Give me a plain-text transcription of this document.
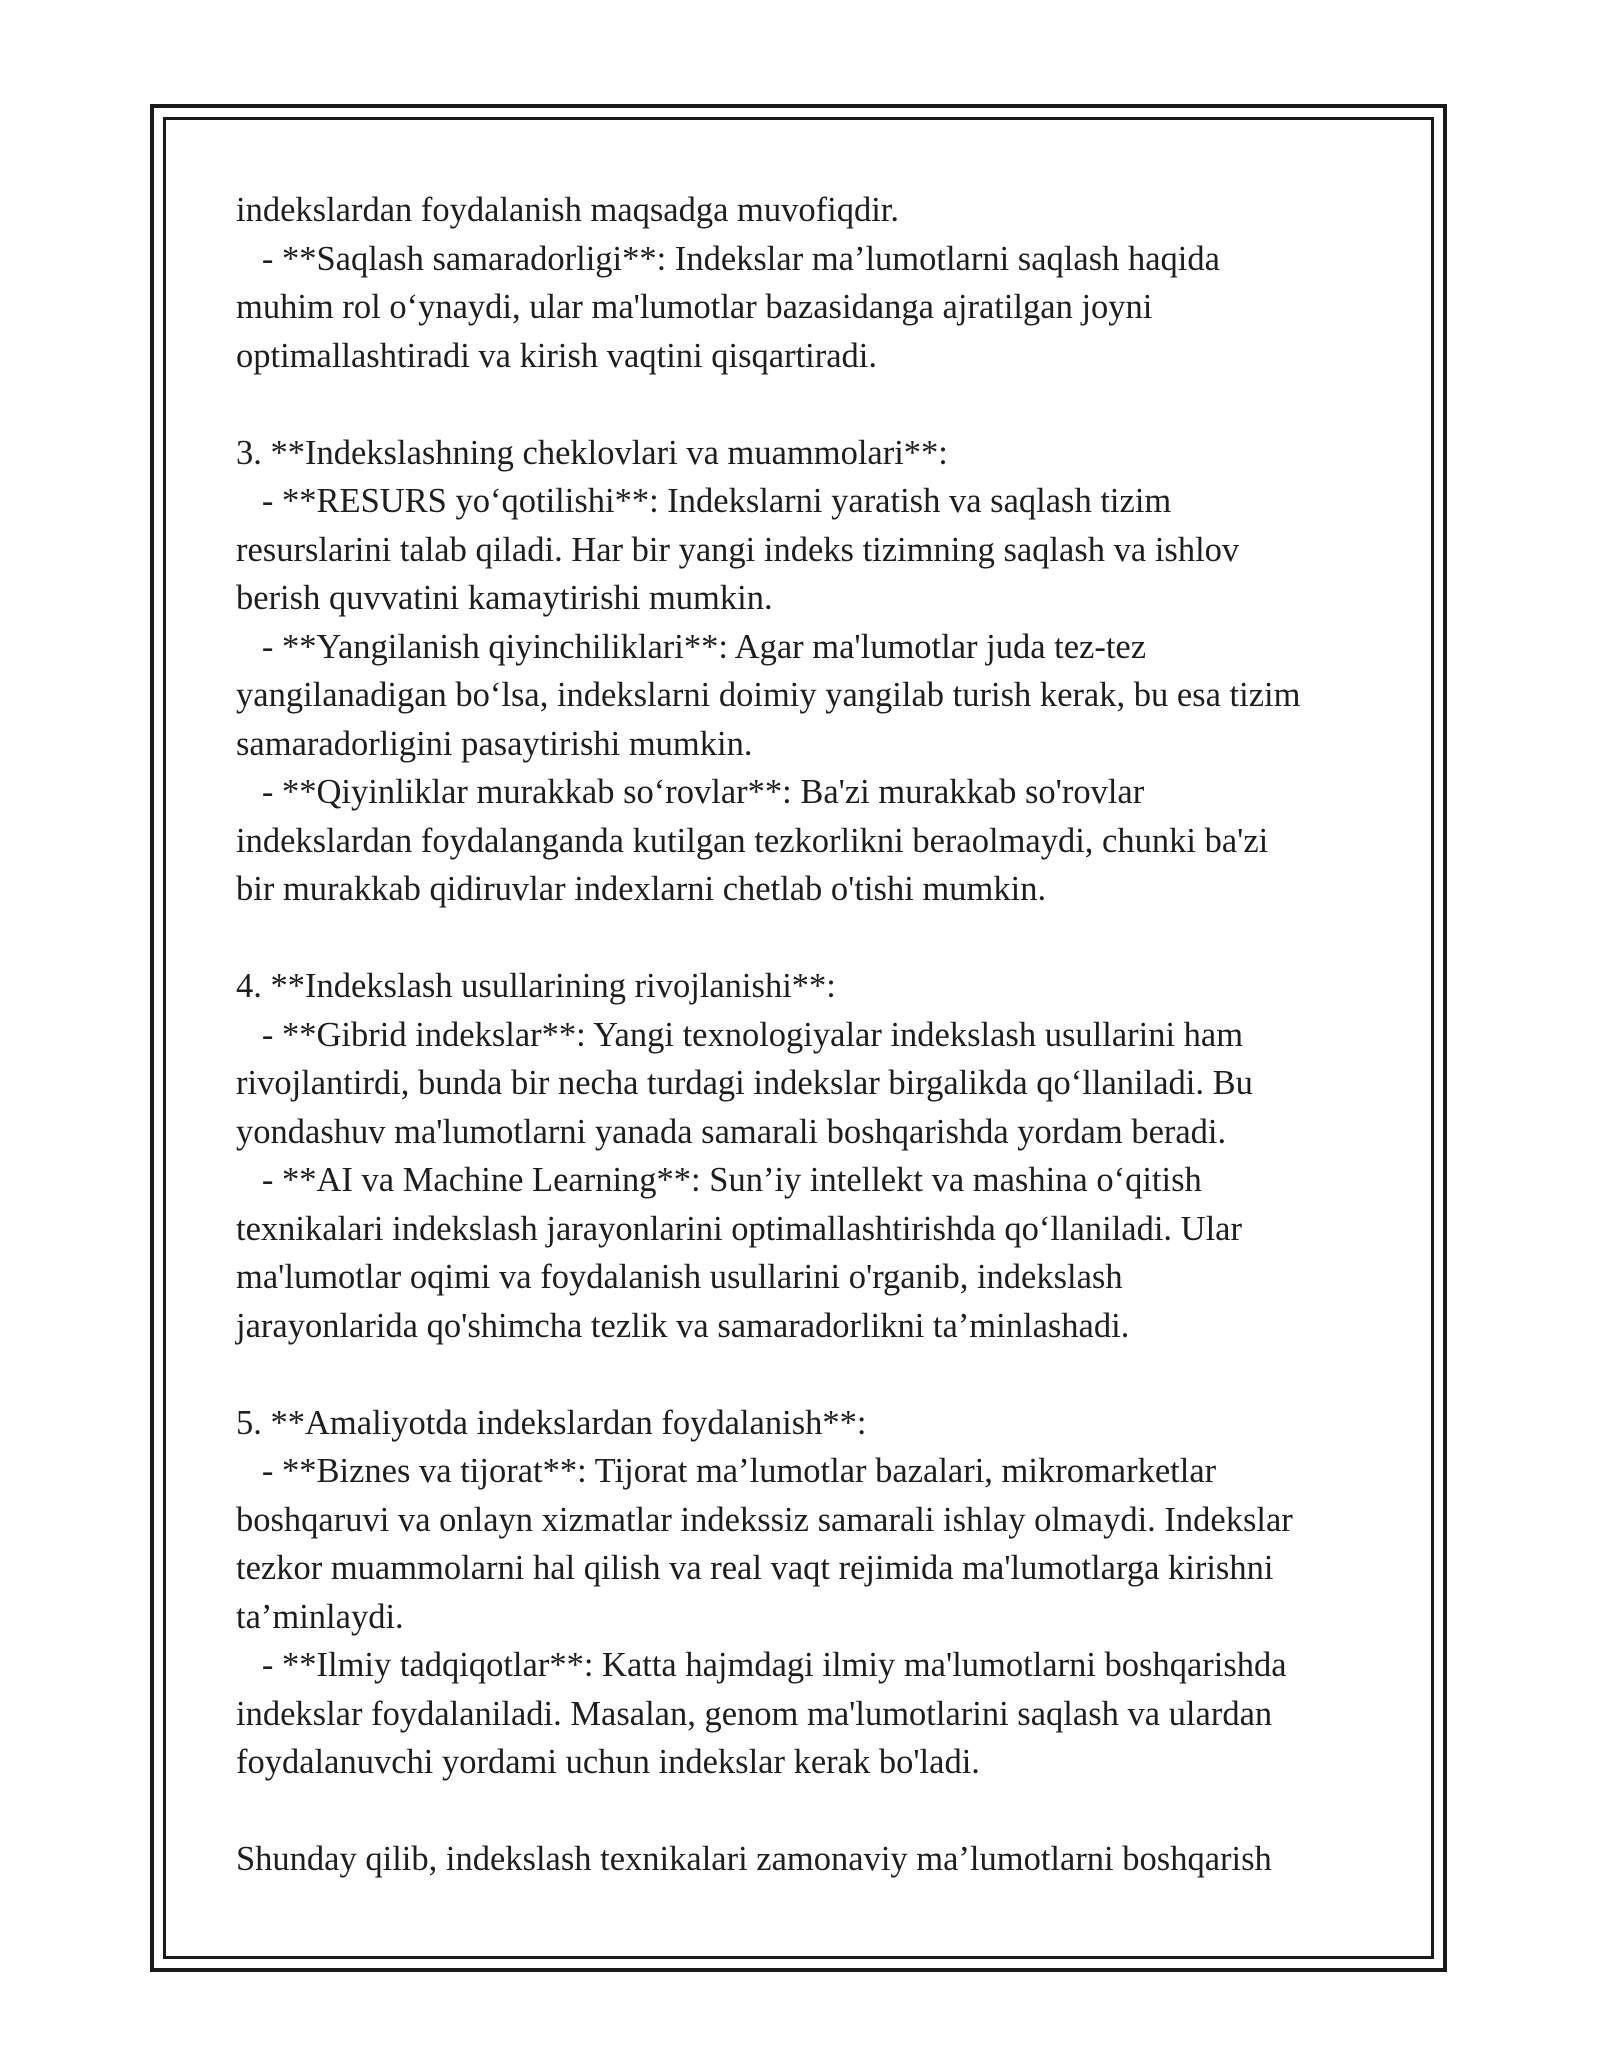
indekslardan foydalanish maqsadga muvofiqdir.
- **Saqlash samaradorligi**: Indekslar ma’lumotlarni saqlash haqida
muhim rol o‘ynaydi, ular ma'lumotlar bazasidanga ajratilgan joyni
optimallashtiradi va kirish vaqtini qisqartiradi.
3. **Indekslashning cheklovlari va muammolari**:
- **RESURS yo‘qotilishi**: Indekslarni yaratish va saqlash tizim
resurslarini talab qiladi. Har bir yangi indeks tizimning saqlash va ishlov
berish quvvatini kamaytirishi mumkin.
- **Yangilanish qiyinchiliklari**: Agar ma'lumotlar juda tez-tez
yangilanadigan bo‘lsa, indekslarni doimiy yangilab turish kerak, bu esa tizim
samaradorligini pasaytirishi mumkin.
- **Qiyinliklar murakkab so‘rovlar**: Ba'zi murakkab so'rovlar
indekslardan foydalanganda kutilgan tezkorlikni beraolmaydi, chunki ba'zi
bir murakkab qidiruvlar indexlarni chetlab o'tishi mumkin.
4. **Indekslash usullarining rivojlanishi**:
- **Gibrid indekslar**: Yangi texnologiyalar indekslash usullarini ham
rivojlantirdi, bunda bir necha turdagi indekslar birgalikda qo‘llaniladi. Bu
yondashuv ma'lumotlarni yanada samarali boshqarishda yordam beradi.
- **AI va Machine Learning**: Sun’iy intellekt va mashina o‘qitish
texnikalari indekslash jarayonlarini optimallashtirishda qo‘llaniladi. Ular
ma'lumotlar oqimi va foydalanish usullarini o'rganib, indekslash
jarayonlarida qo'shimcha tezlik va samaradorlikni ta’minlashadi.
5. **Amaliyotda indekslardan foydalanish**:
- **Biznes va tijorat**: Tijorat ma’lumotlar bazalari, mikromarketlar
boshqaruvi va onlayn xizmatlar indekssiz samarali ishlay olmaydi. Indekslar
tezkor muammolarni hal qilish va real vaqt rejimida ma'lumotlarga kirishni
ta’minlaydi.
- **Ilmiy tadqiqotlar**: Katta hajmdagi ilmiy ma'lumotlarni boshqarishda
indekslar foydalaniladi. Masalan, genom ma'lumotlarini saqlash va ulardan
foydalanuvchi yordami uchun indekslar kerak bo'ladi.
Shunday qilib, indekslash texnikalari zamonaviy ma’lumotlarni boshqarish
